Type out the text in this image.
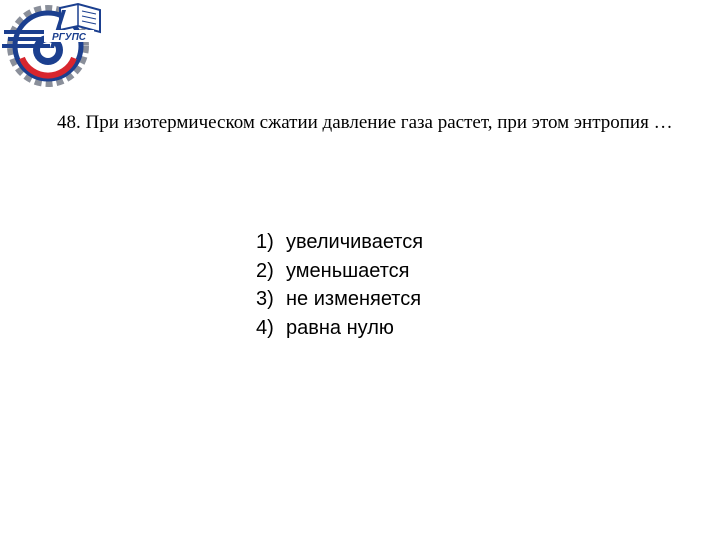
РГУПС

48. При изотермическом сжатии давление газа растет, при этом энтропия …

1) увеличивается
2) уменьшается
3) не изменяется
4) равна нулю
